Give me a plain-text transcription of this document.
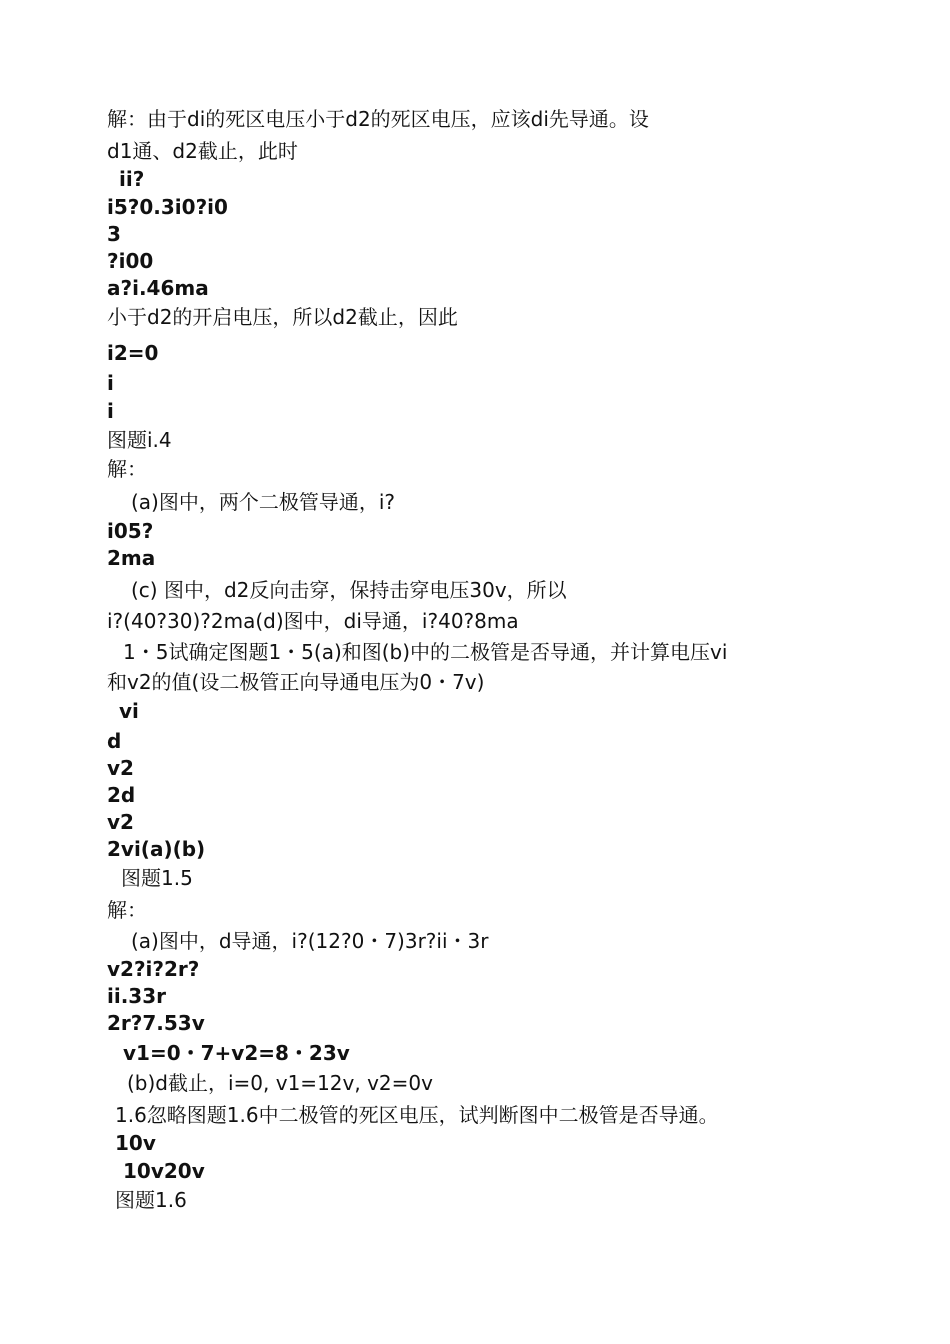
解：由于di的死区电压小于d2的死区电压，应该di先导通。设
d1通、d2截止，此时
ii?
i5?0.3i0?i0
3
?i00
a?i.46ma
小于d2的开启电压，所以d2截止，因此
i2=0
i
i
图题i.4
解：
(a)图中，两个二极管导通，i?
i05?
2ma
(c) 图中，d2反向击穿，保持击穿电压30v，所以
i?(40?30)?2ma(d)图中，di导通，i?40?8ma
1・5试确定图题1・5(a)和图(b)中的二极管是否导通，并计算电压vi
和v2的值(设二极管正向导通电压为0・7v)
vi
d
v2
2d
v2
2vi(a)(b)
图题1.5
解：
(a)图中，d导通，i?(12?0・7)3r?ii・3r
v2?i?2r?
ii.33r
2r?7.53v
v1=0・7+v2=8・23v
(b)d截止，i=0, v1=12v, v2=0v
1.6忽略图题1.6中二极管的死区电压，试判断图中二极管是否导通。
10v
10v20v
图题1.6
